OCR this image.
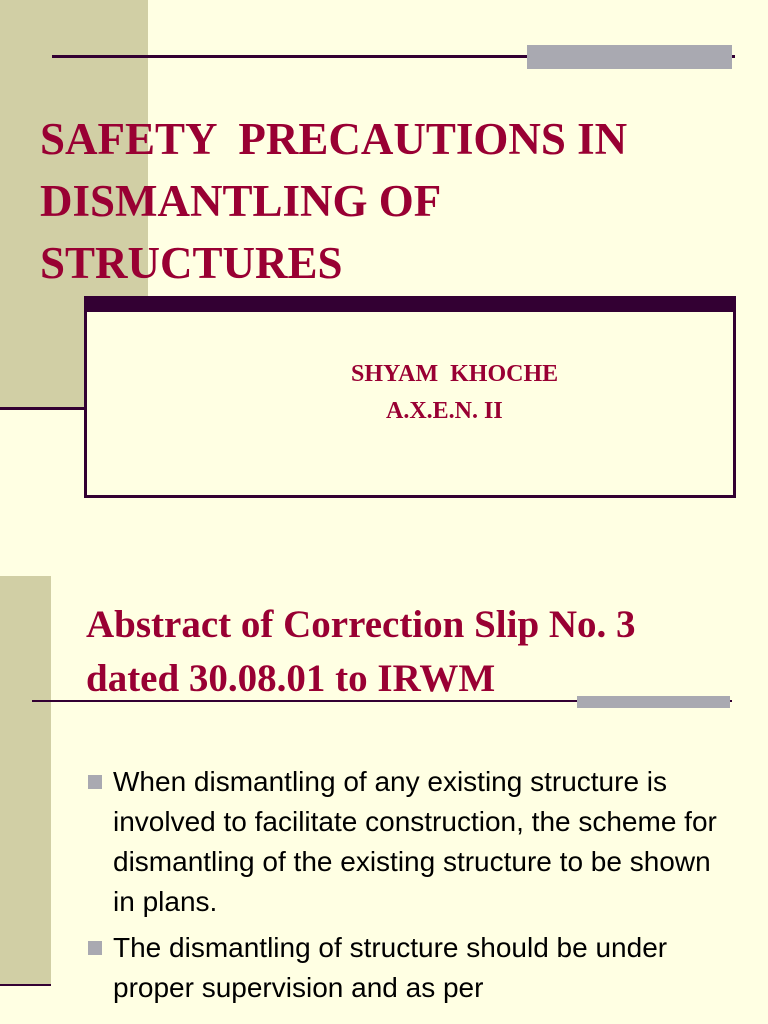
SAFETY  PRECAUTIONS IN
DISMANTLING OF
STRUCTURES
SHYAM  KHOCHE
A.X.E.N. II
Abstract of Correction Slip No. 3
dated 30.08.01 to IRWM
When dismantling of any existing structure is involved to facilitate construction, the scheme for dismantling of the existing structure to be shown in plans.
The dismantling of structure should be under proper supervision and as per
